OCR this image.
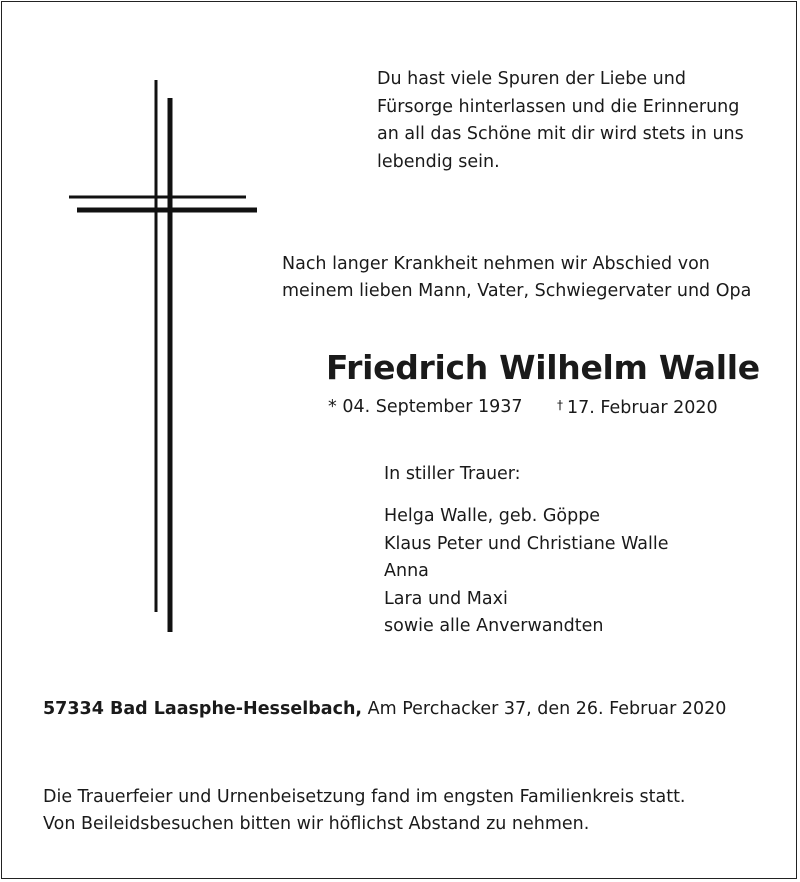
Du hast viele Spuren der Liebe und
Fürsorge hinterlassen und die Erinnerung
an all das Schöne mit dir wird stets in uns
lebendig sein.
Nach langer Krankheit nehmen wir Abschied von
meinem lieben Mann, Vater, Schwiegervater und Opa
Friedrich Wilhelm Walle
* 04. September 1937	† 17. Februar 2020
In stiller Trauer:
Helga Walle, geb. Göppe
Klaus Peter und Christiane Walle
Anna
Lara und Maxi
sowie alle Anverwandten
57334 Bad Laasphe-Hesselbach, Am Perchacker 37, den 26. Februar 2020
Die Trauerfeier und Urnenbeisetzung fand im engsten Familienkreis statt.
Von Beileidsbesuchen bitten wir höflichst Abstand zu nehmen.
